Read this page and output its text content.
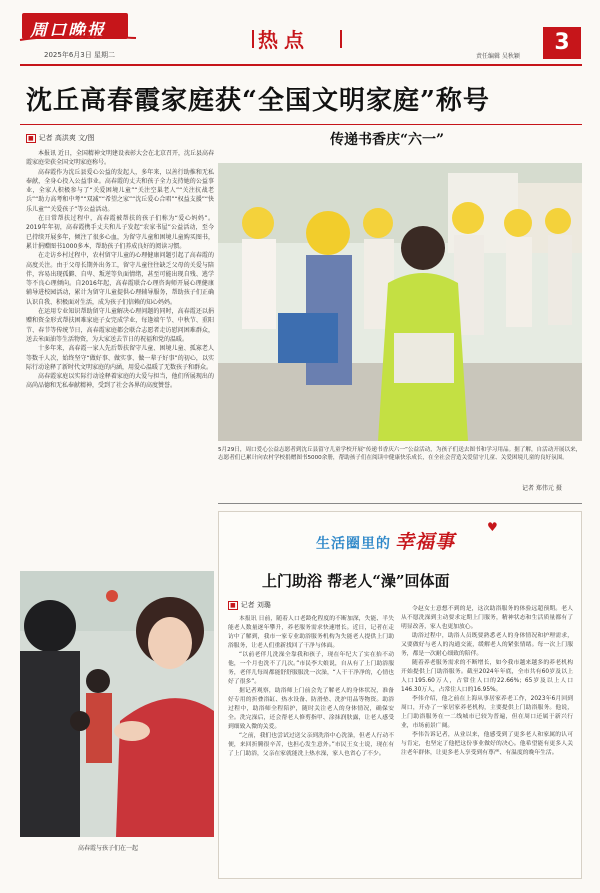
周口晚报
2025年6月3日 星期二
热点
责任编辑 吴秋颖
3
沈丘高春霞家庭获“全国文明家庭”称号
■ 记者 高洪爽 文/图

本报讯 近日，全国精神文明建设表彰大会在北京召开，沈丘县高春霞家庭荣获全国文明家庭称号。

高春霞作为沈丘县爱心公益的发起人，多年来，以善行助推和无私奉献，全身心投入公益事业。高春霞的丈夫和孩子全力支持她的公益事业，全家人积极参与了“关爱困境儿童”“关注空巢老人”“关注抗战老兵”“助力高考和中考”“双减”“希望之家”“沈丘爱心合唱”“权益支援”“快乐儿童”“关爱孩子”等公益活动。

在日常帮扶过程中，高春霞被帮扶的孩子们称为“爱心妈妈”。2019年年初，高春霞携手丈夫和儿子发起“农家书屋”公益活动，至今已持续开展多年，倾注了很多心血，为留守儿童和困境儿童购买图书，累计捐赠图书1000多本，帮助孩子们养成良好的阅读习惯。

在走访乡村过程中，农村留守儿童的心理健康问题引起了高春霞的高度关注。由于父母长期外出务工，留守儿童往往缺乏父母的关爱与陪伴，容易出现孤僻、自卑、叛逆等负面情绪，甚至可能出现自残、逃学等不良心理倾向。自2016年起，高春霞联合心理咨询师开展心理健康辅导进校园活动，累计为留守儿童提供心理辅导服务，帮助孩子们正确认识自我、积极面对生活，成为孩子们信赖的知心妈妈。

在运用专业知识帮助留守儿童解决心理问题的同时，高春霞还以捐赠和资金形式帮扶困难家庭子女完成学业，每逢端午节、中秋节、重阳节、春节等传统节日，高春霞家庭都会联合志愿者走访慰问困难群众，送去米面油等生活物资，为大家送去节日的祝福和党的温暖。

十多年来，高春霞一家人先后帮扶留守儿童、困境儿童、孤寡老人等数千人次，始终坚守“做好事、做实事、做一辈子好事”的初心，以实际行动诠释了新时代文明家庭的内涵，用爱心温暖了无数孩子和群众。

高春霞家庭以实际行动诠释着家庭的大爱与担当，他们所展现出的高尚品德和无私奉献精神，受到了社会各界的高度赞誉。

传递书香庆“六一”
5月29日，周口爱心公益志愿者到沈丘县留守儿童学校开展“传递书香庆六一”公益活动，为孩子们送去图书和学习用品。据了解，自活动开展以来，志愿者们已累计向农村学校捐赠图书5000余册，帮助孩子们在阅读中健康快乐成长，在全社会营造关爱留守儿童、关爱困境儿童的良好氛围。
记者 郑伟元 摄
生活圈里的 幸福事
♥
上门助浴 帮老人“澡”回体面
■ 记者 刘璐

本报讯 日前，随着人口老龄化程度的不断加深，失能、半失能老人数量逐年攀升，养老服务需求快速增长。近日，记者在走访中了解到，我市一家专业助浴服务机构为失能老人提供上门助浴服务，让老人们重新找回了干净与体面。

“以前老伴儿洗澡全靠我和孩子，现在年纪大了实在抬不动他，一个月也洗不了几次。”市民李大娘说，自从有了上门助浴服务，老伴儿每周都能舒舒服服洗一次澡，“人干干净净的，心情也好了很多”。

据记者观察，助浴师上门前会先了解老人的身体状况，准备好专用的折叠浴缸、热水设备、防滑垫、洗护用品等物资。助浴过程中，助浴师全程陪护，随时关注老人的身体情况，确保安全。洗完澡后，还会帮老人修剪指甲、涂抹润肤露，让老人感受到细致入微的关爱。

“之前，我们也尝试过送父亲到洗浴中心洗澡，但老人行动不便，来回折腾很辛苦，也担心发生意外。”市民王女士说，现在有了上门助浴，父亲在家就能洗上热水澡，家人也省心了不少。

令赵女士意想不到的是，这次助浴服务的体验远超预期。老人从不愿洗澡到主动要求定期上门服务，精神状态和生活质量都有了明显改善，家人也更加放心。

助浴过程中，助浴人员既要熟悉老人的身体情况和护理需求，又要做好与老人的沟通交流，缓解老人的紧张情绪。每一次上门服务，都是一次耐心细致的陪伴。

随着养老服务需求的不断增长，如今我市越来越多的养老机构开始提供上门助浴服务。截至2024年年底，全市共有60岁及以上人口195.60万人，占常住人口的22.66%；65岁及以上人口146.30万人，占常住人口的16.95%。

李伟介绍，他之前在上海从事居家养老工作，2023年6月回到周口，开办了一家居家养老机构，主要提供上门助浴服务。他说，上门助浴服务在一二线城市已较为普遍，但在周口还属于新兴行业，市场前景广阔。

李伟告诉记者，从业以来，他感受到了更多老人和家属的认可与肯定，也坚定了他把这份事业做好的决心。他希望能有更多人关注老年群体，让更多老人享受到有尊严、有温度的晚年生活。

高春霞与孩子们在一起
